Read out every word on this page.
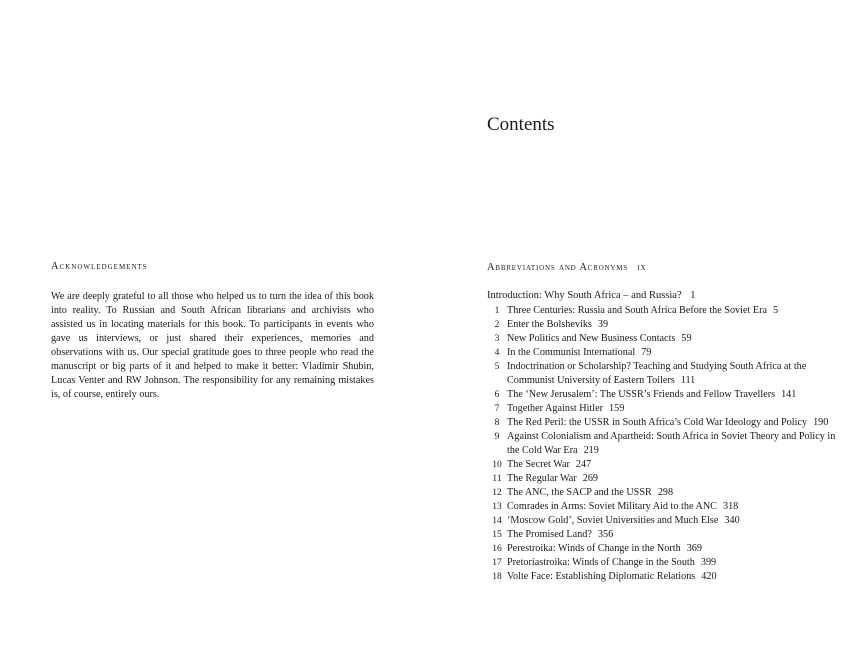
Acknowledgements

We are deeply grateful to all those who helped us to turn the idea of this book into reality. To Russian and South African librarians and archivists who assisted us in locating materials for this book. To participants in events who gave us interviews, or just shared their experiences, memories and observations with us. Our special gratitude goes to three people who read the manuscript or big parts of it and helped to make it better: Vladimir Shubin, Lucas Venter and RW Johnson. The responsibility for any remaining mistakes is, of course, entirely ours.

Contents
Abbreviations and Acronyms ix
Introduction: Why South Africa – and Russia? 1
1 Three Centuries: Russia and South Africa Before the Soviet Era 5
2 Enter the Bolsheviks 39
3 New Politics and New Business Contacts 59
4 In the Communist International 79
5 Indoctrination or Scholarship? Teaching and Studying South Africa at the Communist University of Eastern Toilers 111
6 The ‘New Jerusalem’: The USSR’s Friends and Fellow Travellers 141
7 Together Against Hitler 159
8 The Red Peril: the USSR in South Africa’s Cold War Ideology and Policy 190
9 Against Colonialism and Apartheid: South Africa in Soviet Theory and Policy in the Cold War Era 219
10 The Secret War 247
11 The Regular War 269
12 The ANC, the SACP and the USSR 298
13 Comrades in Arms: Soviet Military Aid to the ANC 318
14 ‘Moscow Gold’, Soviet Universities and Much Else 340
15 The Promised Land? 356
16 Perestroika: Winds of Change in the North 369
17 Pretoriastroika: Winds of Change in the South 399
18 Volte Face: Establishing Diplomatic Relations 420
